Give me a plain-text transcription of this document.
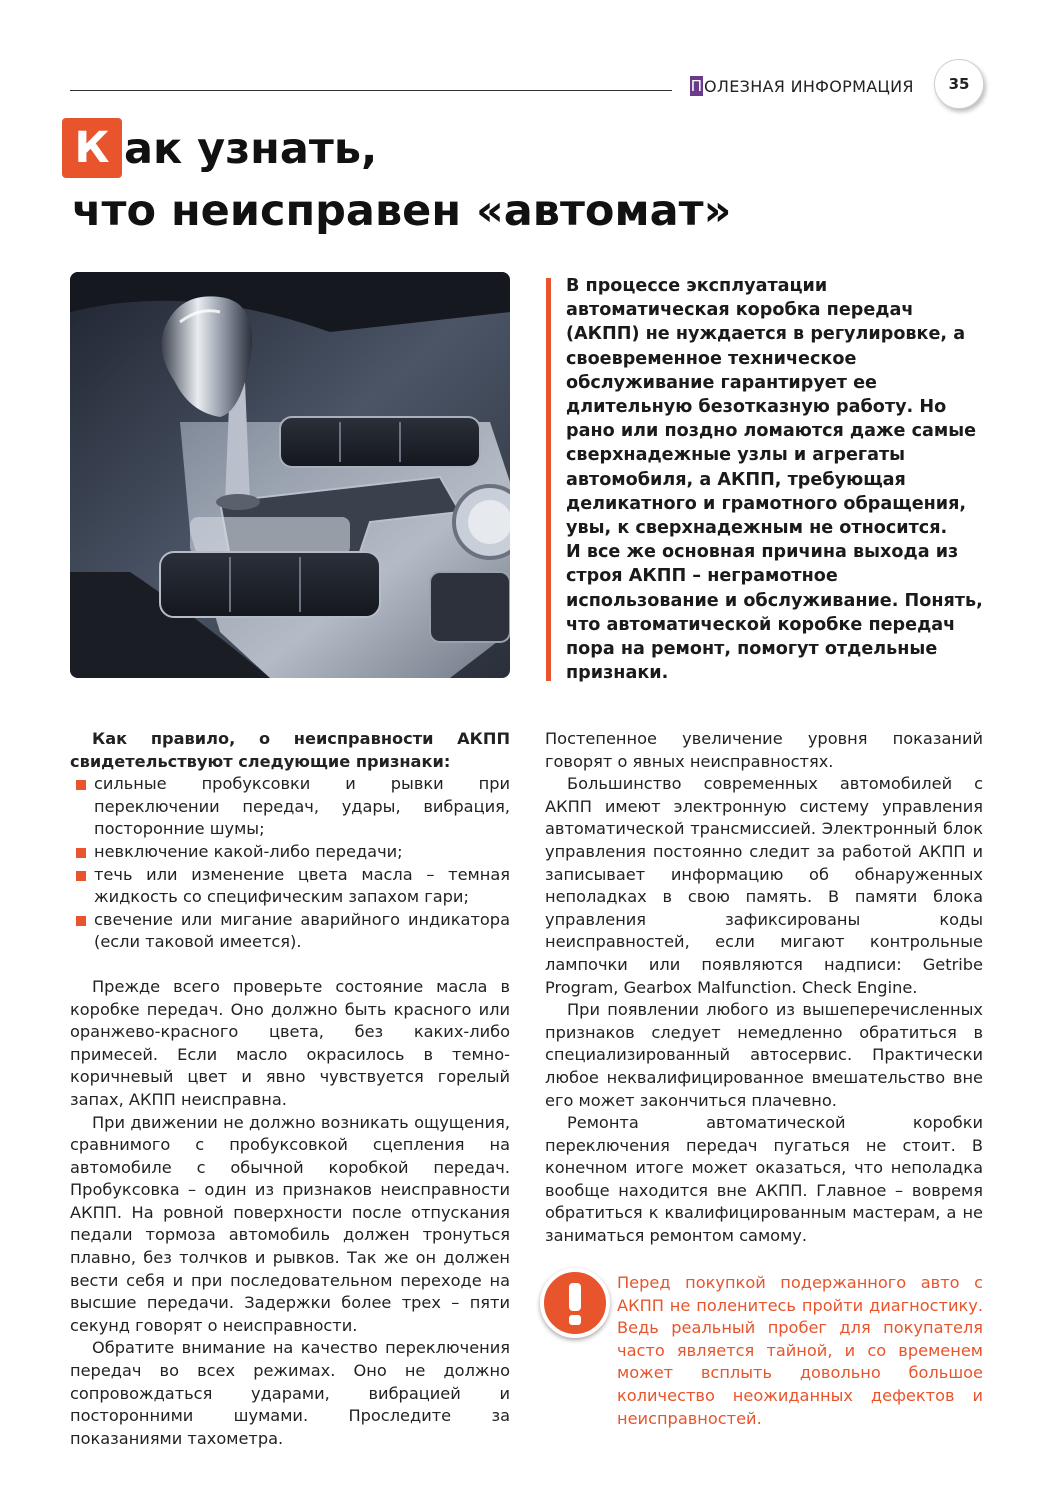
П ОЛЕЗНАЯ ИНФОРМАЦИЯ	35
К ак узнать,
что неисправен «автомат»

В процессе эксплуатации автоматическая коробка передач (АКПП) не нуждается в регулировке, а своевременное техническое обслуживание гарантирует ее длительную безотказную работу. Но рано или поздно ломаются даже самые сверхнадежные узлы и агрегаты автомобиля, а АКПП, требующая деликатного и грамотного обращения, увы, к сверхнадежным не относится.

И все же основная причина выхода из строя АКПП – неграмотное использование и обслуживание. Понять, что автоматической коробке передач пора на ремонт, помогут отдельные признаки.

Как правило, о неисправности АКПП свидетельствуют следующие признаки:

сильные пробуксовки и рывки при переключении передач, удары, вибрация, посторонние шумы;
невключение какой-либо передачи;
течь или изменение цвета масла – темная жидкость со специфическим запахом гари;
свечение или мигание аварийного индикатора (если таковой имеется).

Прежде всего проверьте состояние масла в коробке передач. Оно должно быть красного или оранжево-красного цвета, без каких-либо примесей. Если масло окрасилось в темно-коричневый цвет и явно чувствуется горелый запах, АКПП неисправна.

При движении не должно возникать ощущения, сравнимого с пробуксовкой сцепления на автомобиле с обычной коробкой передач. Пробуксовка – один из признаков неисправности АКПП. На ровной поверхности после отпускания педали тормоза автомобиль должен тронуться плавно, без толчков и рывков. Так же он должен вести себя и при последовательном переходе на высшие передачи. Задержки более трех – пяти секунд говорят о неисправности.

Обратите внимание на качество переключения передач во всех режимах. Оно не должно сопровождаться ударами, вибрацией и посторонними шумами. Проследите за показаниями тахометра.

Постепенное увеличение уровня показаний говорят о явных неисправностях.

Большинство современных автомобилей с АКПП имеют электронную систему управления автоматической трансмиссией. Электронный блок управления постоянно следит за работой АКПП и записывает информацию об обнаруженных неполадках в свою память. В памяти блока управления зафиксированы коды неисправностей, если мигают контрольные лампочки или появляются надписи: Getribe Program, Gearbox Malfunction. Check Engine.

При появлении любого из вышеперечисленных признаков следует немедленно обратиться в специализированный автосервис. Практически любое неквалифицированное вмешательство вне его может закончиться плачевно.

Ремонта автоматической коробки переключения передач пугаться не стоит. В конечном итоге может оказаться, что неполадка вообще находится вне АКПП. Главное – вовремя обратиться к квалифицированным мастерам, а не заниматься ремонтом самому.

Перед покупкой подержанного авто с АКПП не поленитесь пройти диагностику. Ведь реальный пробег для покупателя часто является тайной, и со временем может всплыть довольно большое количество неожиданных дефектов и неисправностей.
